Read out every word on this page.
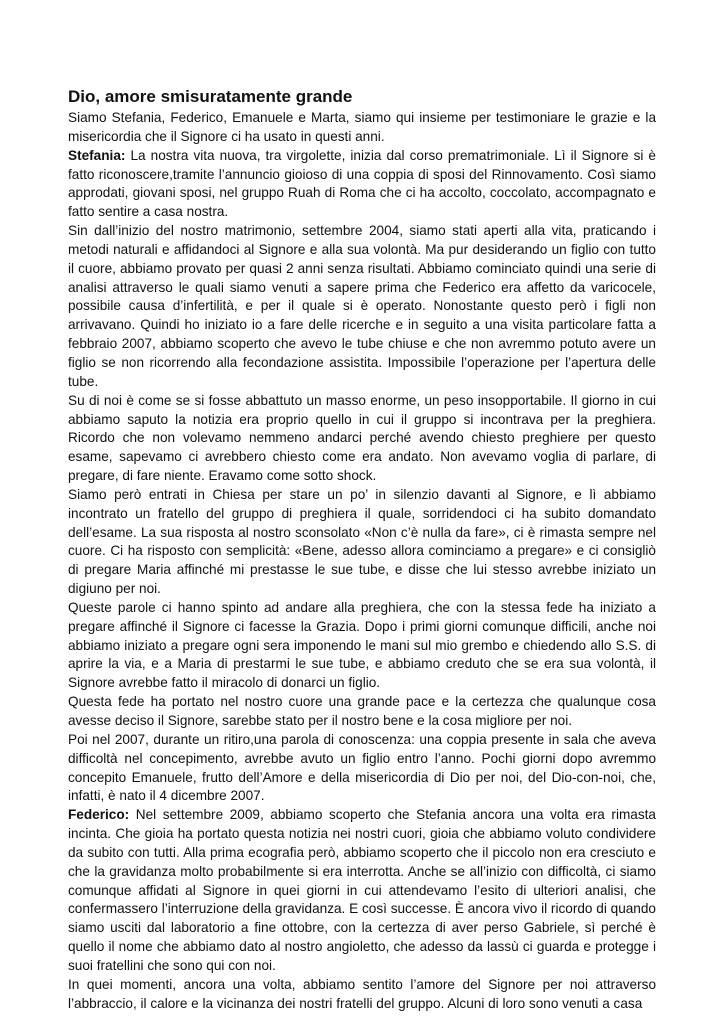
Dio, amore smisuratamente grande

Siamo Stefania, Federico, Emanuele e Marta, siamo qui insieme per testimoniare le grazie e la misericordia che il Signore ci ha usato in questi anni.

Stefania: La nostra vita nuova, tra virgolette, inizia dal corso prematrimoniale. Lì il Signore si è fatto riconoscere,tramite l’annuncio gioioso di una coppia di sposi del Rinnovamento. Così siamo approdati, giovani sposi, nel gruppo Ruah di Roma che ci ha accolto, coccolato, accompagnato e fatto sentire a casa nostra.

Sin dall’inizio del nostro matrimonio, settembre 2004, siamo stati aperti alla vita, praticando i metodi naturali e affidandoci al Signore e alla sua volontà. Ma pur desiderando un figlio con tutto il cuore, abbiamo provato per quasi 2 anni senza risultati. Abbiamo cominciato quindi una serie di analisi attraverso le quali siamo venuti a sapere prima che Federico era affetto da varicocele, possibile causa d’infertilità, e per il quale si è operato. Nonostante questo però i figli non arrivavano. Quindi ho iniziato io a fare delle ricerche e in seguito a una visita particolare fatta a febbraio 2007, abbiamo scoperto che avevo le tube chiuse e che non avremmo potuto avere un figlio se non ricorrendo alla fecondazione assistita. Impossibile l’operazione per l’apertura delle tube.

Su di noi è come se si fosse abbattuto un masso enorme, un peso insopportabile. Il giorno in cui abbiamo saputo la notizia era proprio quello in cui il gruppo si incontrava per la preghiera. Ricordo che non volevamo nemmeno andarci perché avendo chiesto preghiere per questo esame, sapevamo ci avrebbero chiesto come era andato. Non avevamo voglia di parlare, di pregare, di fare niente. Eravamo come sotto shock.

Siamo però entrati in Chiesa per stare un po’ in silenzio davanti al Signore, e lì abbiamo incontrato un fratello del gruppo di preghiera il quale, sorridendoci ci ha subito domandato dell’esame. La sua risposta al nostro sconsolato «Non c’è nulla da fare», ci è rimasta sempre nel cuore. Ci ha risposto con semplicità: «Bene, adesso allora cominciamo a pregare» e ci consigliò di pregare Maria affinché mi prestasse le sue tube, e disse che lui stesso avrebbe iniziato un digiuno per noi.

Queste parole ci hanno spinto ad andare alla preghiera, che con la stessa fede ha iniziato a pregare affinché il Signore ci facesse la Grazia. Dopo i primi giorni comunque difficili, anche noi abbiamo iniziato a pregare ogni sera imponendo le mani sul mio grembo e chiedendo allo S.S. di aprire la via, e a Maria di prestarmi le sue tube, e abbiamo creduto che se era sua volontà, il Signore avrebbe fatto il miracolo di donarci un figlio.

Questa fede ha portato nel nostro cuore una grande pace e la certezza che qualunque cosa avesse deciso il Signore, sarebbe stato per il nostro bene e la cosa migliore per noi.

Poi nel 2007, durante un ritiro,una parola di conoscenza: una coppia presente in sala che aveva difficoltà nel concepimento, avrebbe avuto un figlio entro l’anno. Pochi giorni dopo avremmo concepito Emanuele, frutto dell’Amore e della misericordia di Dio per noi, del Dio-con-noi, che, infatti, è nato il 4 dicembre 2007.

Federico: Nel settembre 2009, abbiamo scoperto che Stefania ancora una volta era rimasta incinta. Che gioia ha portato questa notizia nei nostri cuori, gioia che abbiamo voluto condividere da subito con tutti. Alla prima ecografia però, abbiamo scoperto che il piccolo non era cresciuto e che la gravidanza molto probabilmente si era interrotta. Anche se all’inizio con difficoltà, ci siamo comunque affidati al Signore in quei giorni in cui attendevamo l’esito di ulteriori analisi, che confermassero l’interruzione della gravidanza. E così successe. È ancora vivo il ricordo di quando siamo usciti dal laboratorio a fine ottobre, con la certezza di aver perso Gabriele, sì perché è quello il nome che abbiamo dato al nostro angioletto, che adesso da lassù ci guarda e protegge i suoi fratellini che sono qui con noi.

In quei momenti, ancora una volta, abbiamo sentito l’amore del Signore per noi attraverso l’abbraccio, il calore e la vicinanza dei nostri fratelli del gruppo. Alcuni di loro sono venuti a casa
